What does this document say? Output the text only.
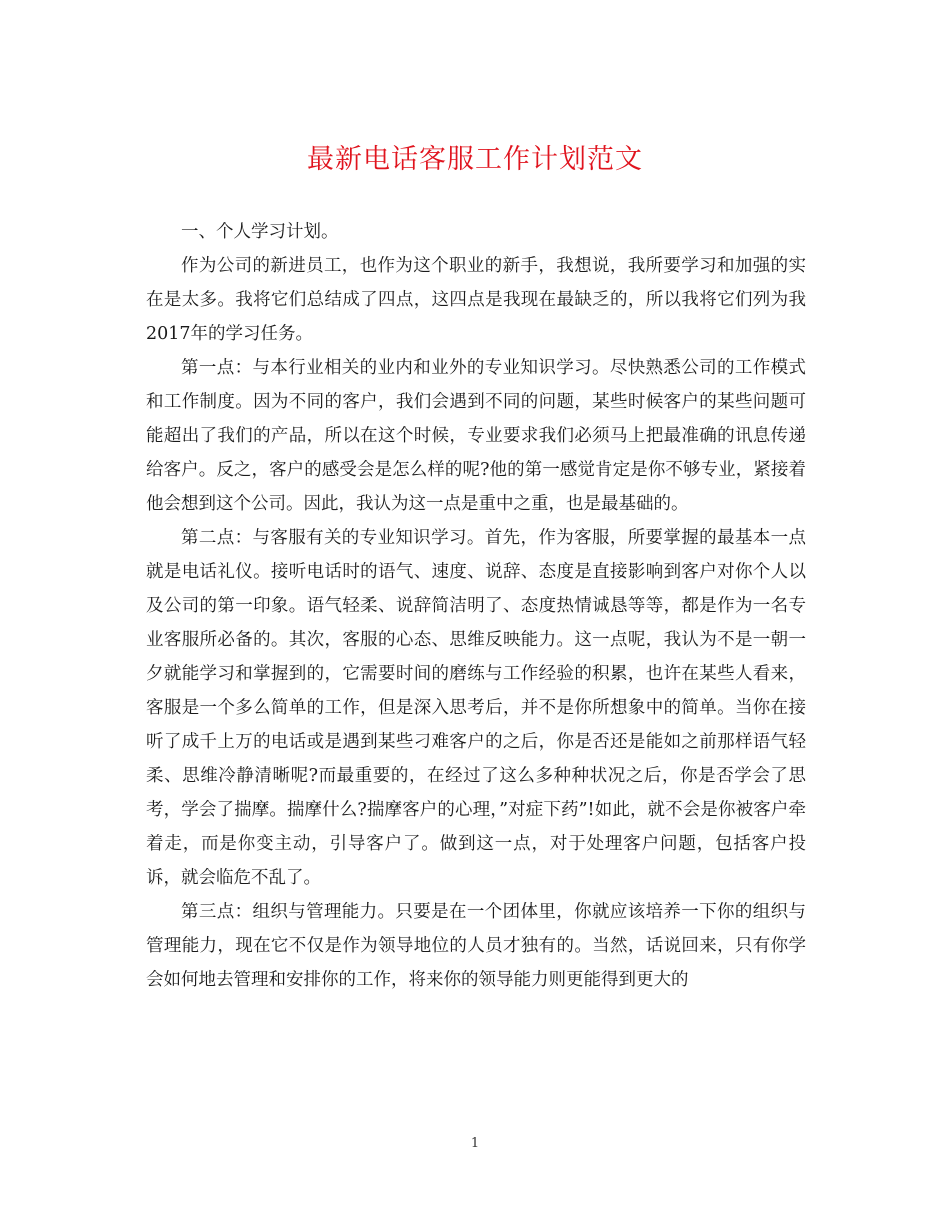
最新电话客服工作计划范文

一、个人学习计划。

作为公司的新进员工，也作为这个职业的新手，我想说，我所要学习和加强的实在是太多。我将它们总结成了四点，这四点是我现在最缺乏的，所以我将它们列为我2017年的学习任务。

第一点：与本行业相关的业内和业外的专业知识学习。尽快熟悉公司的工作模式和工作制度。因为不同的客户，我们会遇到不同的问题，某些时候客户的某些问题可能超出了我们的产品，所以在这个时候，专业要求我们必须马上把最准确的讯息传递给客户。反之，客户的感受会是怎么样的呢?他的第一感觉肯定是你不够专业，紧接着他会想到这个公司。因此，我认为这一点是重中之重，也是最基础的。

第二点：与客服有关的专业知识学习。首先，作为客服，所要掌握的最基本一点就是电话礼仪。接听电话时的语气、速度、说辞、态度是直接影响到客户对你个人以及公司的第一印象。语气轻柔、说辞简洁明了、态度热情诚恳等等，都是作为一名专业客服所必备的。其次，客服的心态、思维反映能力。这一点呢，我认为不是一朝一夕就能学习和掌握到的，它需要时间的磨练与工作经验的积累，也许在某些人看来，客服是一个多么简单的工作，但是深入思考后，并不是你所想象中的简单。当你在接听了成千上万的电话或是遇到某些刁难客户的之后，你是否还是能如之前那样语气轻柔、思维冷静清晰呢?而最重要的，在经过了这么多种种状况之后，你是否学会了思考，学会了揣摩。揣摩什么?揣摩客户的心理，”对症下药”!如此，就不会是你被客户牵着走，而是你变主动，引导客户了。做到这一点，对于处理客户问题，包括客户投诉，就会临危不乱了。

第三点：组织与管理能力。只要是在一个团体里，你就应该培养一下你的组织与管理能力，现在它不仅是作为领导地位的人员才独有的。当然，话说回来，只有你学会如何地去管理和安排你的工作，将来你的领导能力则更能得到更大的

1
